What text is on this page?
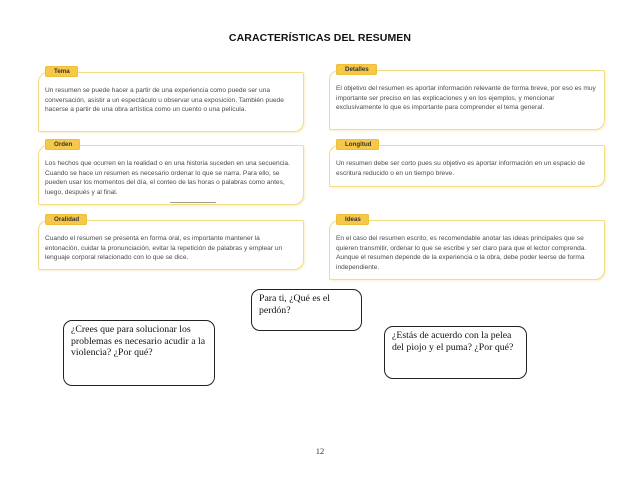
CARACTERÍSTICAS DEL RESUMEN
Tema
Un resumen se puede hacer a partir de una experiencia como puede ser una conversación, asistir a un espectáculo u observar una exposición. También puede hacerse a partir de una obra artística como un cuento o una película.
Detalles
El objetivo del resumen es aportar información relevante de forma breve, por eso es muy importante ser preciso en las explicaciones y en los ejemplos, y mencionar exclusivamente lo que es importante para comprender el tema general.
Orden
Los hechos que ocurren en la realidad o en una historia suceden en una secuencia. Cuando se hace un resumen es necesario ordenar lo que se narra. Para ello, se pueden usar los momentos del día, el conteo de las horas o palabras como antes, luego, después y al final.
Longitud
Un resumen debe ser corto pues su objetivo es aportar información en un espacio de escritura reducido o en un tiempo breve.
Oralidad
Cuando el resumen se presenta en forma oral, es importante mantener la entonación, cuidar la pronunciación, evitar la repetición de palabras y emplear un lenguaje corporal relacionado con lo que se dice.
Ideas
En el caso del resumen escrito, es recomendable anotar las ideas principales que se quieren transmitir, ordenar lo que se escribe y ser claro para que el lector comprenda. Aunque el resumen depende de la experiencia o la obra, debe poder leerse de forma independiente.
Para ti, ¿Qué es el perdón?
¿Crees que para solucionar los problemas es necesario acudir a la violencia? ¿Por qué?
¿Estás de acuerdo con la pelea del piojo y el puma? ¿Por qué?
12
